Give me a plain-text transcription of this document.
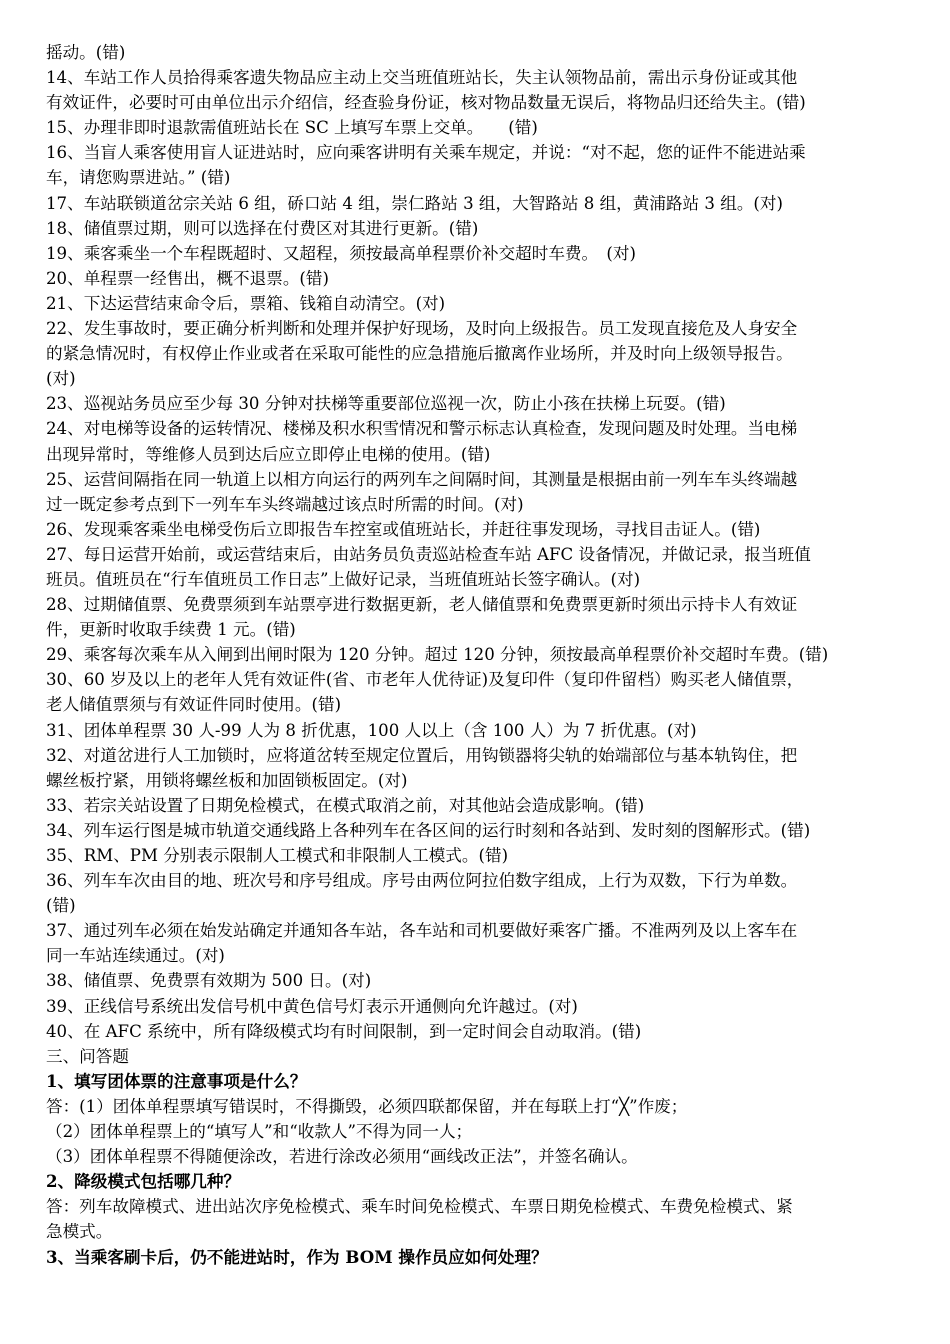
摇动。(错)
14、车站工作人员拾得乘客遗失物品应主动上交当班值班站长，失主认领物品前，需出示身份证或其他
有效证件，必要时可由单位出示介绍信，经查验身份证，核对物品数量无误后，将物品归还给失主。(错)
15、办理非即时退款需值班站长在 SC 上填写车票上交单。　　(错)
16、当盲人乘客使用盲人证进站时，应向乘客讲明有关乘车规定，并说：“对不起，您的证件不能进站乘
车，请您购票进站。” (错)
17、车站联锁道岔宗关站 6 组，硚口站 4 组，崇仁路站 3 组，大智路站 8 组，黄浦路站 3 组。(对)
18、储值票过期，则可以选择在付费区对其进行更新。(错)
19、乘客乘坐一个车程既超时、又超程，须按最高单程票价补交超时车费。　(对)
20、单程票一经售出，概不退票。(错)
21、下达运营结束命令后，票箱、钱箱自动清空。(对)
22、发生事故时，要正确分析判断和处理并保护好现场，及时向上级报告。员工发现直接危及人身安全
的紧急情况时，有权停止作业或者在采取可能性的应急措施后撤离作业场所，并及时向上级领导报告。
(对)
23、巡视站务员应至少每 30 分钟对扶梯等重要部位巡视一次，防止小孩在扶梯上玩耍。(错)
24、对电梯等设备的运转情况、楼梯及积水积雪情况和警示标志认真检查，发现问题及时处理。当电梯
出现异常时，等维修人员到达后应立即停止电梯的使用。(错)
25、运营间隔指在同一轨道上以相方向运行的两列车之间隔时间，其测量是根据由前一列车车头终端越
过一既定参考点到下一列车车头终端越过该点时所需的时间。(对)
26、发现乘客乘坐电梯受伤后立即报告车控室或值班站长，并赶往事发现场，寻找目击证人。(错)
27、每日运营开始前，或运营结束后，由站务员负责巡站检查车站 AFC 设备情况，并做记录，报当班值
班员。值班员在“行车值班员工作日志”上做好记录，当班值班站长签字确认。(对)
28、过期储值票、免费票须到车站票亭进行数据更新，老人储值票和免费票更新时须出示持卡人有效证
件，更新时收取手续费 1 元。(错)
29、乘客每次乘车从入闸到出闸时限为 120 分钟。超过 120 分钟，须按最高单程票价补交超时车费。(错)
30、60 岁及以上的老年人凭有效证件(省、市老年人优待证)及复印件（复印件留档）购买老人储值票，
老人储值票须与有效证件同时使用。(错)
31、团体单程票 30 人-99 人为 8 折优惠，100 人以上（含 100 人）为 7 折优惠。(对)
32、对道岔进行人工加锁时，应将道岔转至规定位置后，用钩锁器将尖轨的始端部位与基本轨钩住，把
螺丝板拧紧，用锁将螺丝板和加固锁板固定。(对)
33、若宗关站设置了日期免检模式，在模式取消之前，对其他站会造成影响。(错)
34、列车运行图是城市轨道交通线路上各种列车在各区间的运行时刻和各站到、发时刻的图解形式。(错)
35、RM、PM 分别表示限制人工模式和非限制人工模式。(错)
36、列车车次由目的地、班次号和序号组成。序号由两位阿拉伯数字组成，上行为双数，下行为单数。
(错)
37、通过列车必须在始发站确定并通知各车站，各车站和司机要做好乘客广播。不准两列及以上客车在
同一车站连续通过。(对)
38、储值票、免费票有效期为 500 日。(对)
39、正线信号系统出发信号机中黄色信号灯表示开通侧向允许越过。(对)
40、在 AFC 系统中，所有降级模式均有时间限制，到一定时间会自动取消。(错)
三、问答题
1、填写团体票的注意事项是什么？
答：(1）团体单程票填写错误时，不得撕毁，必须四联都保留，并在每联上打“╳”作废；
（2）团体单程票上的“填写人”和“收款人”不得为同一人；
（3）团体单程票不得随便涂改，若进行涂改必须用“画线改正法”，并签名确认。
2、降级模式包括哪几种？
答：列车故障模式、进出站次序免检模式、乘车时间免检模式、车票日期免检模式、车费免检模式、紧
急模式。
3、当乘客刷卡后，仍不能进站时，作为 BOM 操作员应如何处理？
